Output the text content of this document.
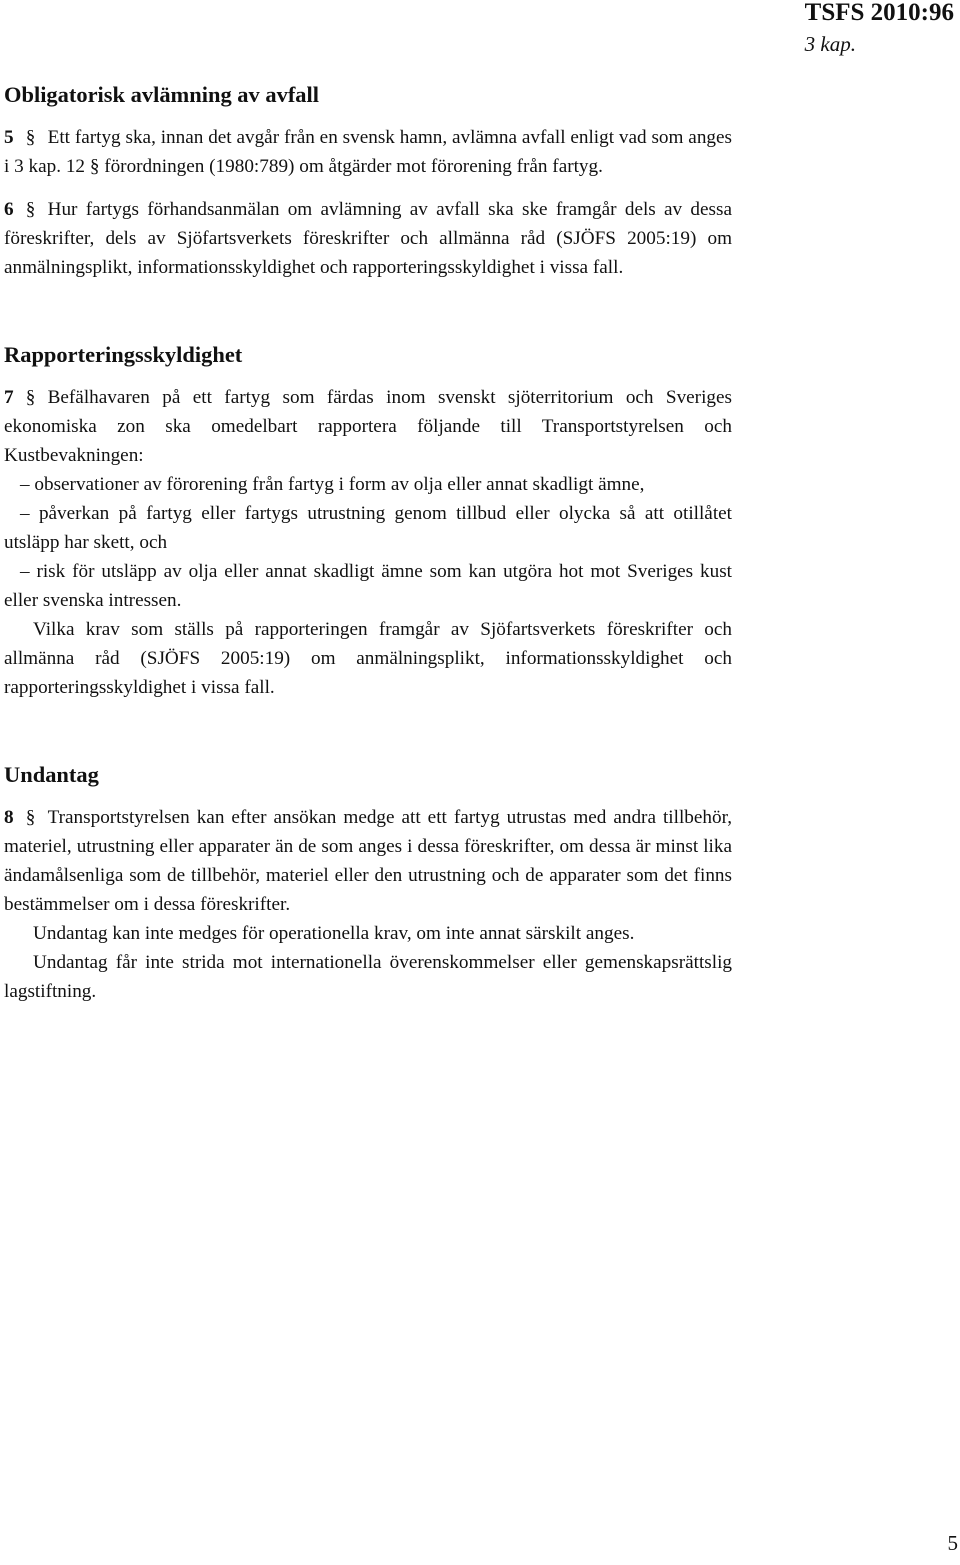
TSFS 2010:96
3 kap.
Obligatorisk avlämning av avfall

5 § Ett fartyg ska, innan det avgår från en svensk hamn, avlämna avfall enligt vad som anges i 3 kap. 12 § förordningen (1980:789) om åtgärder mot förorening från fartyg.

6 § Hur fartygs förhandsanmälan om avlämning av avfall ska ske framgår dels av dessa föreskrifter, dels av Sjöfartsverkets föreskrifter och allmänna råd (SJÖFS 2005:19) om anmälningsplikt, informationsskyldighet och rapporteringsskyldighet i vissa fall.

Rapporteringsskyldighet

7 § Befälhavaren på ett fartyg som färdas inom svenskt sjöterritorium och Sveriges ekonomiska zon ska omedelbart rapportera följande till Transportstyrelsen och Kustbevakningen:

– observationer av förorening från fartyg i form av olja eller annat skadligt ämne,

– påverkan på fartyg eller fartygs utrustning genom tillbud eller olycka så att otillåtet utsläpp har skett, och

– risk för utsläpp av olja eller annat skadligt ämne som kan utgöra hot mot Sveriges kust eller svenska intressen.

Vilka krav som ställs på rapporteringen framgår av Sjöfartsverkets föreskrifter och allmänna råd (SJÖFS 2005:19) om anmälningsplikt, informationsskyldighet och rapporteringsskyldighet i vissa fall.

Undantag

8 § Transportstyrelsen kan efter ansökan medge att ett fartyg utrustas med andra tillbehör, materiel, utrustning eller apparater än de som anges i dessa föreskrifter, om dessa är minst lika ändamålsenliga som de tillbehör, materiel eller den utrustning och de apparater som det finns bestämmelser om i dessa föreskrifter.

Undantag kan inte medges för operationella krav, om inte annat särskilt anges.

Undantag får inte strida mot internationella överenskommelser eller gemenskapsrättslig lagstiftning.

5
